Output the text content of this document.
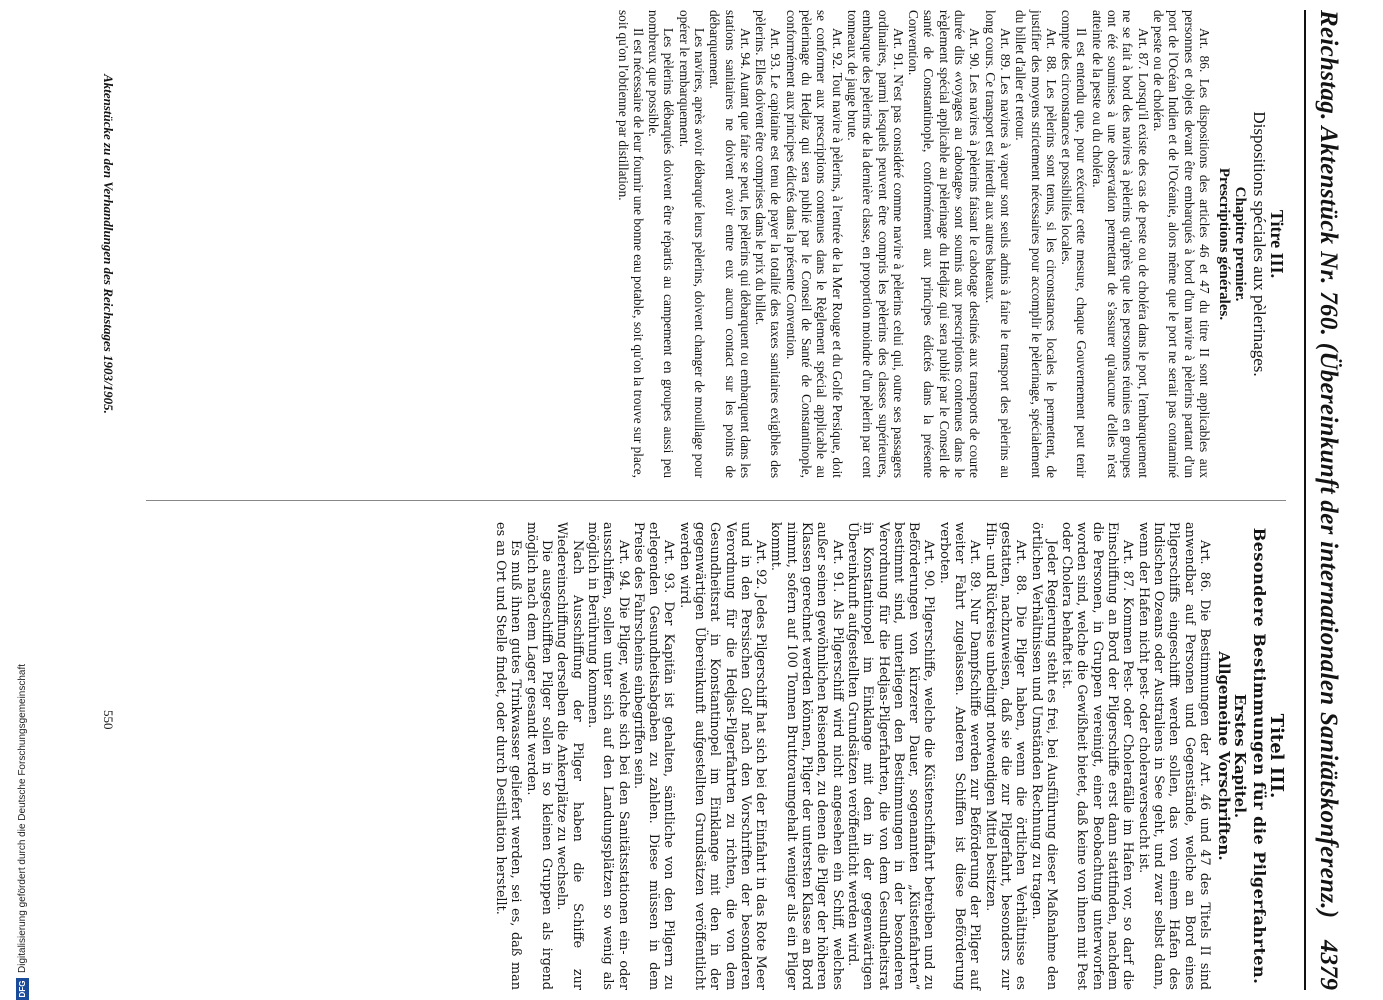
Reichstag. Aktenstück Nr. 760. (Übereinkunft der internationalen Sanitätskonferenz.)
4379
Titre III.
Dispositions spéciales aux pèlerinages.
Chapitre premier.
Prescriptions générales.

Art. 86. Les dispositions des articles 46 et 47 du titre II sont applicables aux personnes et objets devant être embarqués à bord d'un navire à pèlerins partant d'un port de l'Océan Indien et de l'Océanie, alors même que le port ne serait pas contaminé de peste ou de choléra.

Art. 87. Lorsqu'il existe des cas de peste ou de choléra dans le port, l'embarquement ne se fait à bord des navires à pèlerins qu'après que les personnes réunies en groupes ont été soumises à une observation permettant de s'assurer qu'aucune d'elles n'est atteinte de la peste ou du choléra.

Il est entendu que, pour exécuter cette mesure, chaque Gouvernement peut tenir compte des circonstances et possibilités locales.

Art. 88. Les pèlerins sont tenus, si les circonstances locales le permettent, de justifier des moyens strictement nécessaires pour accomplir le pèlerinage, spécialement du billet d'aller et retour.

Art. 89. Les navires à vapeur sont seuls admis à faire le transport des pèlerins au long cours. Ce transport est interdit aux autres bateaux.

Art. 90. Les navires à pèlerins faisant le cabotage destinés aux transports de courte durée dits «voyages au cabotage» sont soumis aux prescriptions contenues dans le règlement spécial applicable au pèlerinage du Hedjaz qui sera publié par le Conseil de santé de Constantinople, conformément aux principes édictés dans la présente Convention.

Art. 91. N'est pas considéré comme navire à pèlerins celui qui, outre ses passagers ordinaires, parmi lesquels peuvent être compris les pèlerins des classes supérieures, embarque des pèlerins de la dernière classe, en proportion moindre d'un pèlerin par cent tonneaux de jauge brute.

Art. 92. Tout navire à pèlerins, à l'entrée de la Mer Rouge et du Golfe Persique, doit se conformer aux prescriptions contenues dans le Règlement spécial applicable au pèlerinage du Hedjaz qui sera publié par le Conseil de Santé de Constantinople, conformément aux principes édictés dans la présente Convention.

Art. 93. Le capitaine est tenu de payer la totalité des taxes sanitaires exigibles des pèlerins. Elles doivent être comprises dans le prix du billet.

Art. 94. Autant que faire se peut, les pèlerins qui débarquent ou embarquent dans les stations sanitaires ne doivent avoir entre eux aucun contact sur les points de débarquement.

Les navires, après avoir débarqué leurs pèlerins, doivent changer de mouillage pour opérer le rembarquement.

Les pèlerins débarqués doivent être répartis au campement en groupes aussi peu nombreux que possible.

Il est nécessaire de leur fournir une bonne eau potable, soit qu'on la trouve sur place, soit qu'on l'obtienne par distillation.

Titel III.
Besondere Bestimmungen für die Pilgerfahrten.
Erstes Kapitel.
Allgemeine Vorschriften.

Art. 86. Die Bestimmungen der Art. 46 und 47 des Titels II sind anwendbar auf Personen und Gegenstände, welche an Bord eines Pilgerschiffs eingeschifft werden sollen, das von einem Hafen des Indischen Ozeans oder Australiens in See geht, und zwar selbst dann, wenn der Hafen nicht pest- oder choleraverseucht ist.

Art. 87. Kommen Pest- oder Cholerafälle im Hafen vor, so darf die Einschiffung an Bord der Pilgerschiffe erst dann stattfinden, nachdem die Personen, in Gruppen vereinigt, einer Beobachtung unterworfen worden sind, welche die Gewißheit bietet, daß keine von ihnen mit Pest oder Cholera behaftet ist.

Jeder Regierung steht es frei, bei Ausführung dieser Maßnahme den örtlichen Verhältnissen und Umständen Rechnung zu tragen.

Art. 88. Die Pilger haben, wenn die örtlichen Verhältnisse es gestatten, nachzuweisen, daß sie die zur Pilgerfahrt, besonders zur Hin- und Rückreise unbedingt notwendigen Mittel besitzen.

Art. 89. Nur Dampfschiffe werden zur Beförderung der Pilger auf weiter Fahrt zugelassen. Anderen Schiffen ist diese Beförderung verboten.

Art. 90. Pilgerschiffe, welche die Küstenschiffahrt betreiben und zu Beförderungen von kürzerer Dauer, sogenannten „Küstenfahrten“ bestimmt sind, unterliegen den Bestimmungen in der besonderen Verordnung für die Hedjas-Pilgerfahrten, die von dem Gesundheitsrat in Konstantinopel im Einklange mit den in der gegenwärtigen Übereinkunft aufgestellten Grundsätzen veröffentlicht werden wird.

Art. 91. Als Pilgerschiff wird nicht angesehen ein Schiff, welches außer seinen gewöhnlichen Reisenden, zu denen die Pilger der höheren Klassen gerechnet werden können, Pilger der untersten Klasse an Bord nimmt, sofern auf 100 Tonnen Bruttoraumgehalt weniger als ein Pilger kommt.

Art. 92. Jedes Pilgerschiff hat sich bei der Einfahrt in das Rote Meer und in den Persischen Golf nach den Vorschriften der besonderen Verordnung für die Hedjas-Pilgerfahrten zu richten, die von dem Gesundheitsrat in Konstantinopel im Einklange mit den in der gegenwärtigen Übereinkunft aufgestellten Grundsätzen veröffentlicht werden wird.

Art. 93. Der Kapitän ist gehalten, sämtliche von den Pilgern zu erlegenden Gesundheitsabgaben zu zahlen. Diese müssen in dem Preise des Fahrscheins einbegriffen sein.

Art. 94. Die Pilger, welche sich bei den Sanitätsstationen ein- oder ausschiffen, sollen unter sich auf den Landungsplätzen so wenig als möglich in Berührung kommen.

Nach Ausschiffung der Pilger haben die Schiffe zur Wiedereinschiffung derselben die Ankerplätze zu wechseln.

Die ausgeschifften Pilger sollen in so kleinen Gruppen als irgend möglich nach dem Lager gesandt werden.

Es muß ihnen gutes Trinkwasser geliefert werden, sei es, daß man es an Ort und Stelle findet, oder durch Destillation herstellt.

Aktenstücke zu den Verhandlungen des Reichstages 1903/1905.
550
DFG
Digitalisierung gefördert durch die Deutsche Forschungsgemeinschaft
